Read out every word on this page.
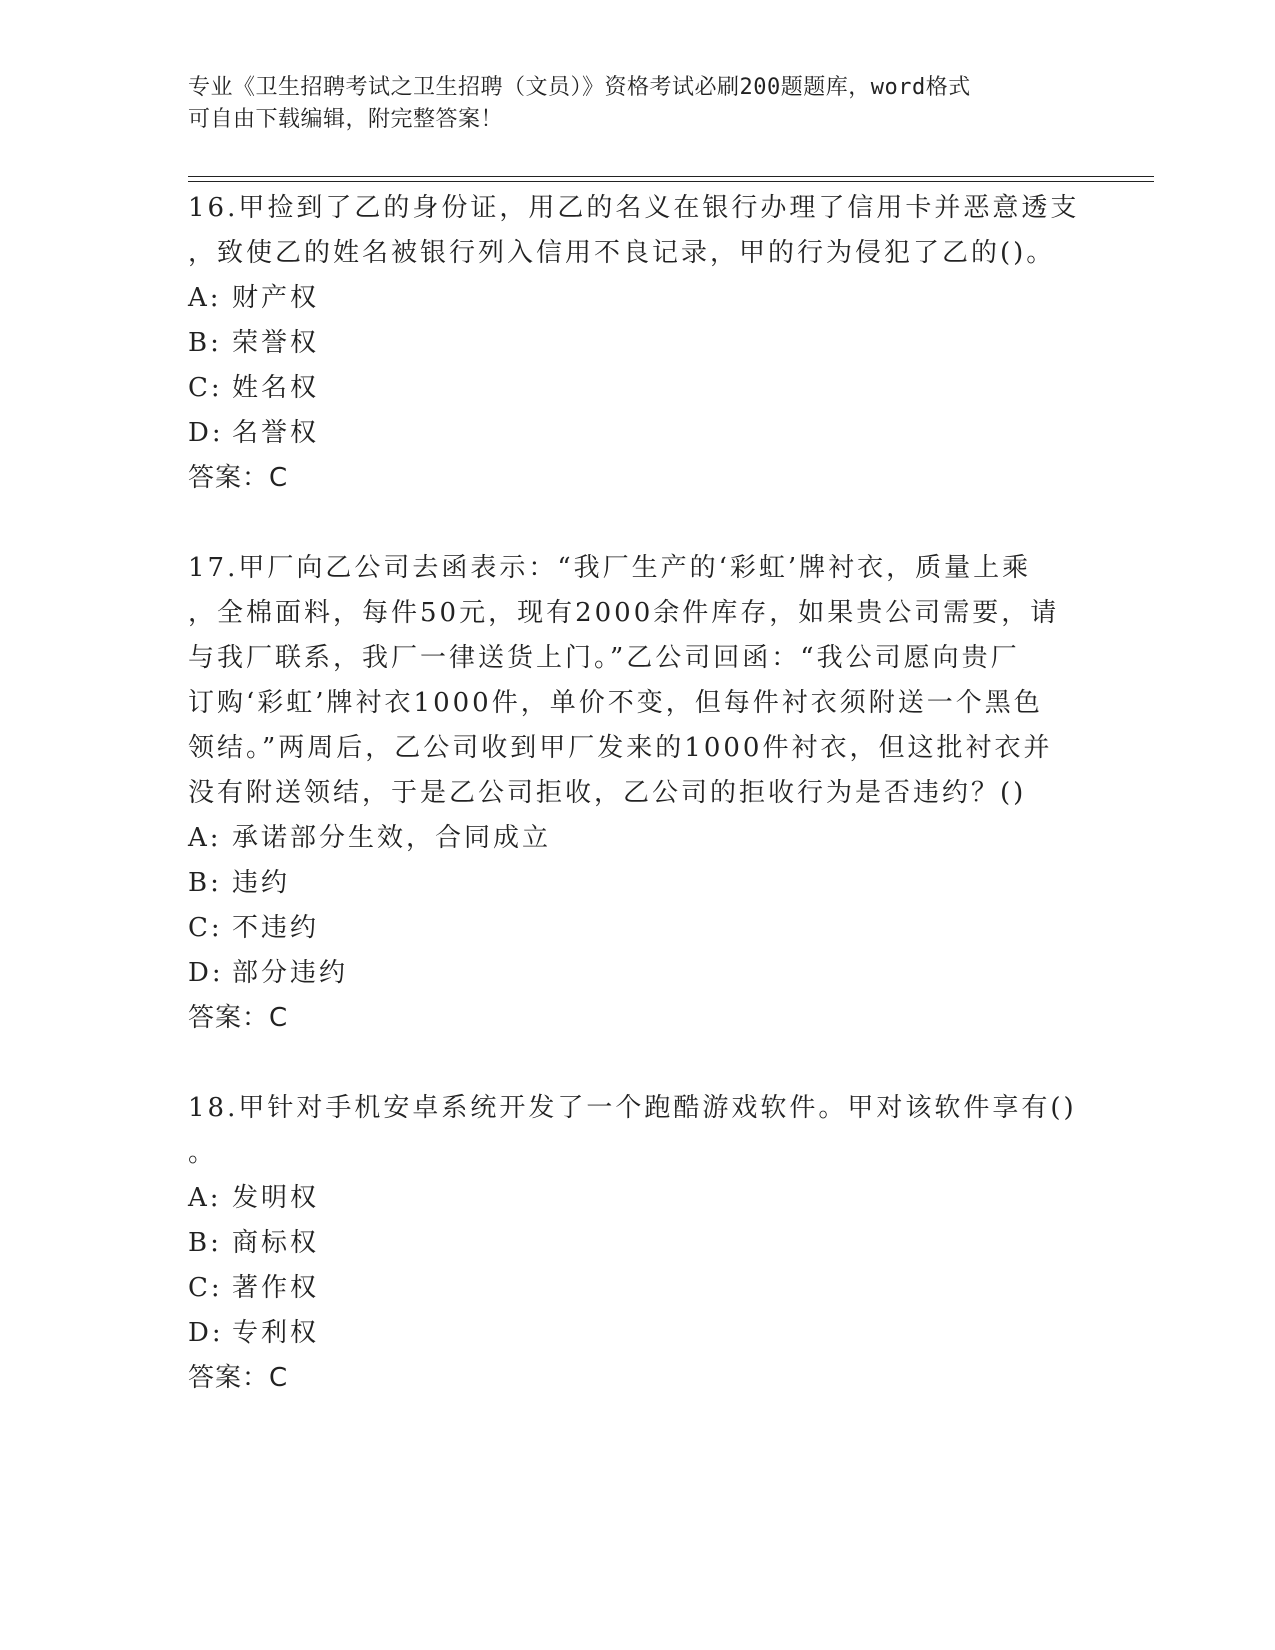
专业《卫生招聘考试之卫生招聘（文员）》资格考试必刷200题题库，word格式
可自由下载编辑，附完整答案！
16.甲捡到了乙的身份证，用乙的名义在银行办理了信用卡并恶意透支
，致使乙的姓名被银行列入信用不良记录，甲的行为侵犯了乙的()。
A: 财产权
B: 荣誉权
C: 姓名权
D: 名誉权
答案：C
17.甲厂向乙公司去函表示：“我厂生产的‘彩虹’牌衬衣，质量上乘
，全棉面料，每件50元，现有2000余件库存，如果贵公司需要，请
与我厂联系，我厂一律送货上门。”乙公司回函：“我公司愿向贵厂
订购‘彩虹’牌衬衣1000件，单价不变，但每件衬衣须附送一个黑色
领结。”两周后，乙公司收到甲厂发来的1000件衬衣，但这批衬衣并
没有附送领结，于是乙公司拒收，乙公司的拒收行为是否违约？()
A: 承诺部分生效，合同成立
B: 违约
C: 不违约
D: 部分违约
答案：C
18.甲针对手机安卓系统开发了一个跑酷游戏软件。甲对该软件享有()
。
A: 发明权
B: 商标权
C: 著作权
D: 专利权
答案：C
